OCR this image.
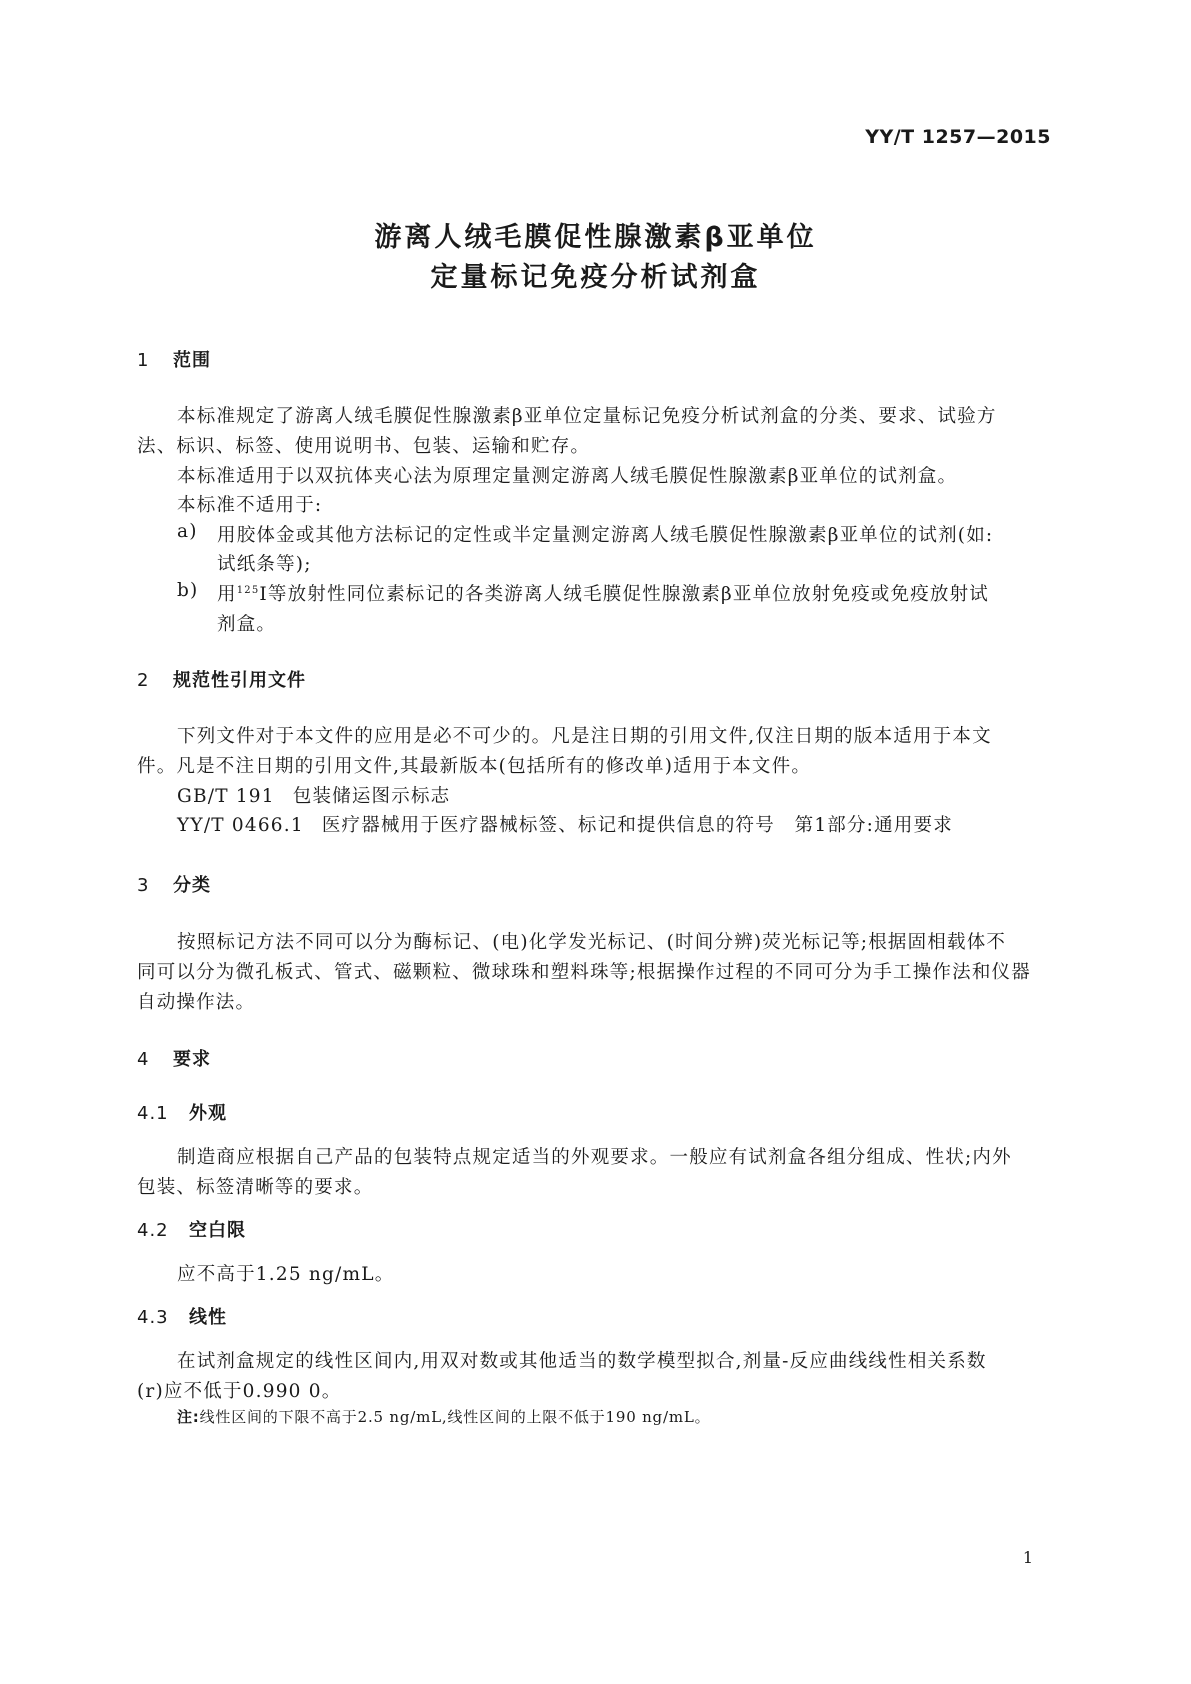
YY/T 1257—2015
游离人绒毛膜促性腺激素β亚单位
定量标记免疫分析试剂盒
1 范围
本标准规定了游离人绒毛膜促性腺激素β亚单位定量标记免疫分析试剂盒的分类、要求、试验方
法、标识、标签、使用说明书、包装、运输和贮存。
本标准适用于以双抗体夹心法为原理定量测定游离人绒毛膜促性腺激素β亚单位的试剂盒。
本标准不适用于:
a) 用胶体金或其他方法标记的定性或半定量测定游离人绒毛膜促性腺激素β亚单位的试剂(如:
试纸条等);
b) 用$^{125}$I等放射性同位素标记的各类游离人绒毛膜促性腺激素β亚单位放射免疫或免疫放射试
剂盒。
2 规范性引用文件
下列文件对于本文件的应用是必不可少的。凡是注日期的引用文件,仅注日期的版本适用于本文
件。凡是不注日期的引用文件,其最新版本(包括所有的修改单)适用于本文件。
GB/T 191 包装储运图示标志
YY/T 0466.1 医疗器械用于医疗器械标签、标记和提供信息的符号　第1部分:通用要求
3 分类
按照标记方法不同可以分为酶标记、(电)化学发光标记、(时间分辨)荧光标记等;根据固相载体不
同可以分为微孔板式、管式、磁颗粒、微球珠和塑料珠等;根据操作过程的不同可分为手工操作法和仪器
自动操作法。
4 要求
4.1 外观
制造商应根据自己产品的包装特点规定适当的外观要求。一般应有试剂盒各组分组成、性状;内外
包装、标签清晰等的要求。
4.2 空白限
应不高于1.25 ng/mL。
4.3 线性
在试剂盒规定的线性区间内,用双对数或其他适当的数学模型拟合,剂量-反应曲线线性相关系数
(r)应不低于0.990 0。
注:线性区间的下限不高于2.5 ng/mL,线性区间的上限不低于190 ng/mL。
1
